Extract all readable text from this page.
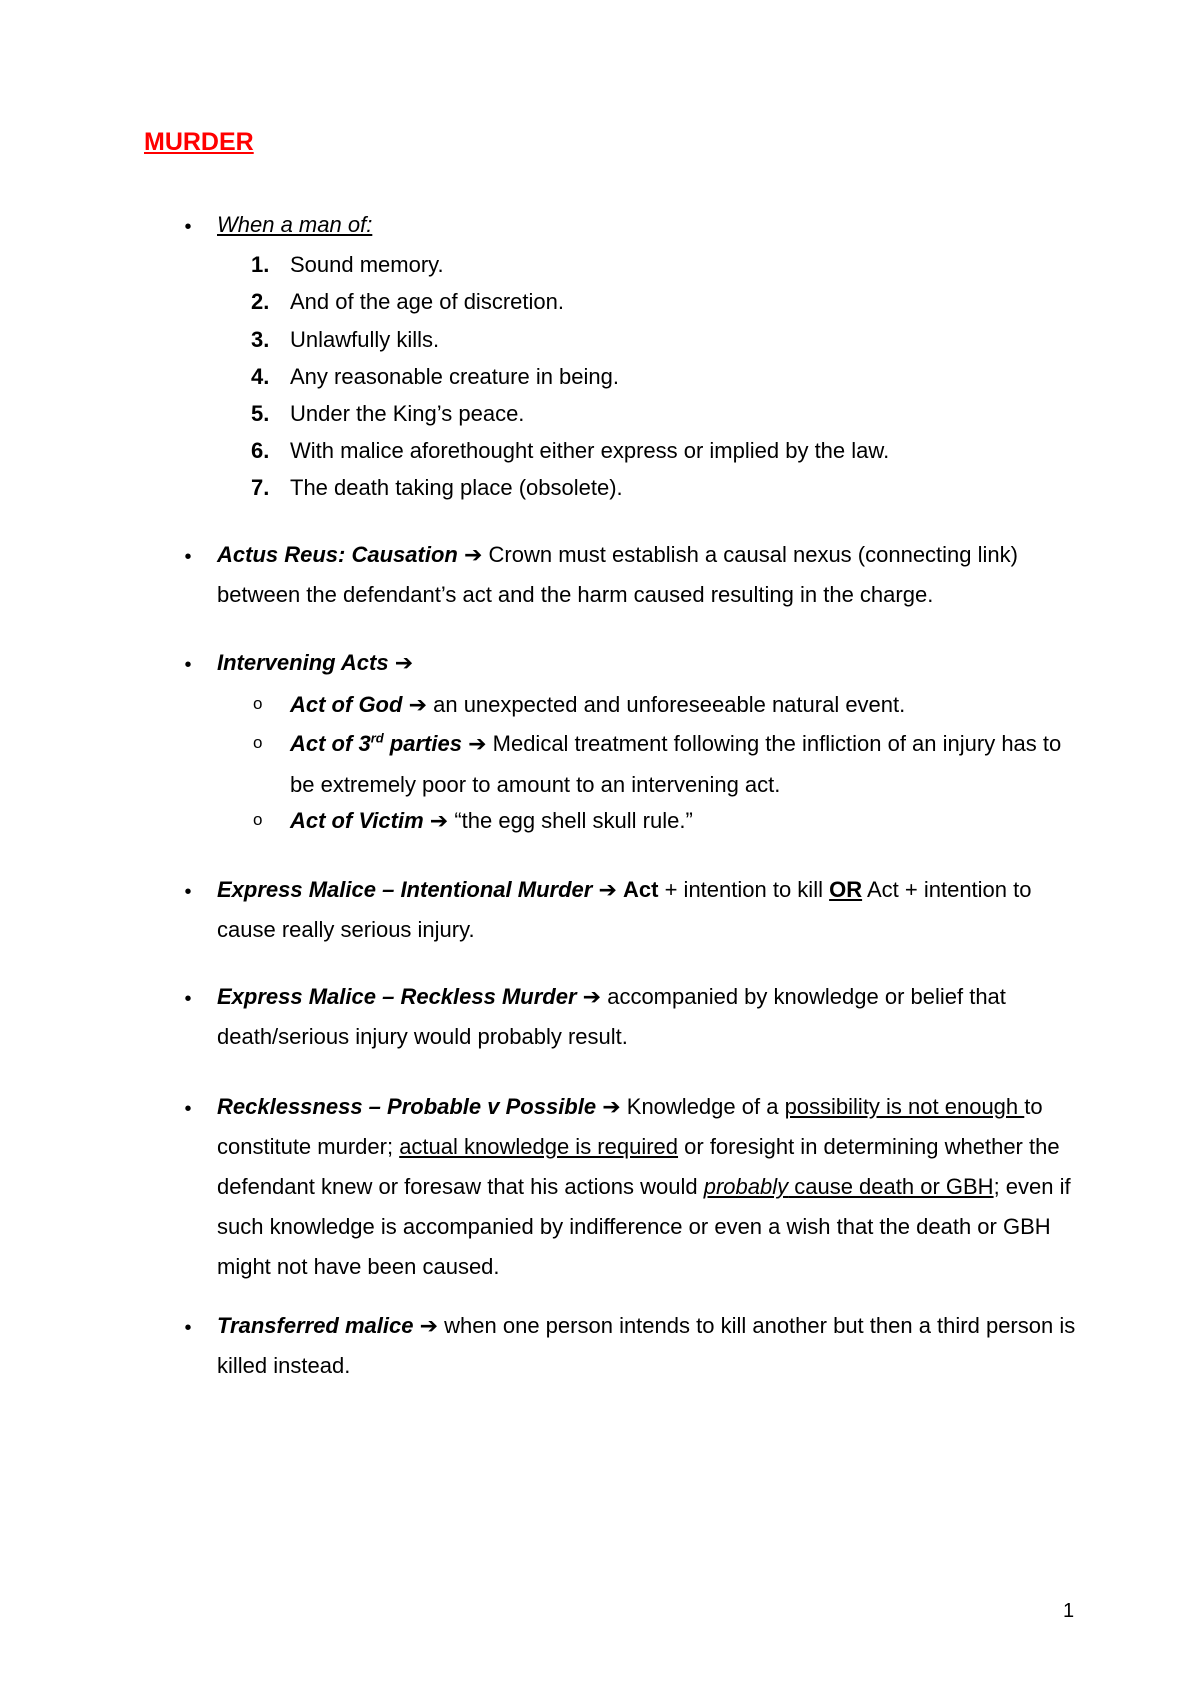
MURDER
• When a man of:

1. Sound memory.
2. And of the age of discretion.
3. Unlawfully kills.
4. Any reasonable creature in being.
5. Under the King’s peace.
6. With malice aforethought either express or implied by the law.
7. The death taking place (obsolete).
• Actus Reus: Causation ➔ Crown must establish a causal nexus (connecting link) between the defendant’s act and the harm caused resulting in the charge.

• Intervening Acts ➔

o Act of God ➔ an unexpected and unforeseeable natural event.
o Act of 3rd parties ➔ Medical treatment following the infliction of an injury has to be extremely poor to amount to an intervening act.
o Act of Victim ➔ “the egg shell skull rule.”
• Express Malice – Intentional Murder ➔ Act + intention to kill OR Act + intention to cause really serious injury.

• Express Malice – Reckless Murder ➔ accompanied by knowledge or belief that death/serious injury would probably result.

• Recklessness – Probable v Possible ➔ Knowledge of a possibility is not enough to constitute murder; actual knowledge is required or foresight in determining whether the defendant knew or foresaw that his actions would probably cause death or GBH; even if such knowledge is accompanied by indifference or even a wish that the death or GBH might not have been caused.

• Transferred malice ➔ when one person intends to kill another but then a third person is killed instead.

1
